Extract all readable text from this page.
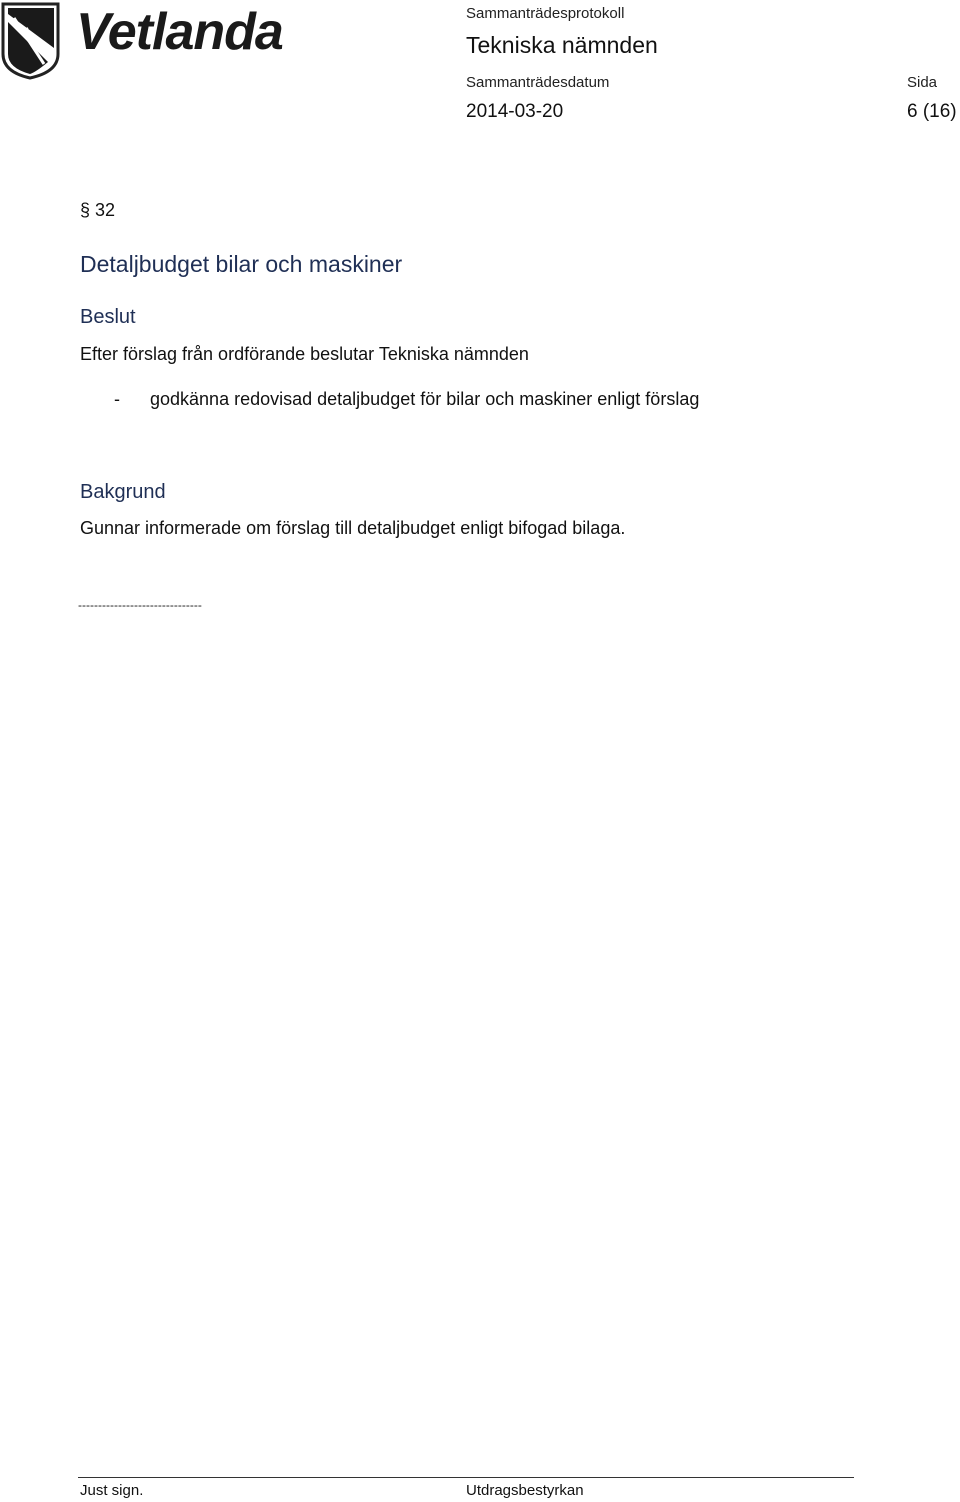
Vetlanda	Sammanträdesprotokoll
Tekniska nämnden
Sammanträdesdatum	Sida
2014-03-20	6 (16)
§ 32
Detaljbudget bilar och maskiner
Beslut
Efter förslag från ordförande beslutar Tekniska nämnden
- godkänna redovisad detaljbudget för bilar och maskiner enligt förslag
Bakgrund
Gunnar informerade om förslag till detaljbudget enligt bifogad bilaga.
-------------------------------
Just sign.	Utdragsbestyrkan
